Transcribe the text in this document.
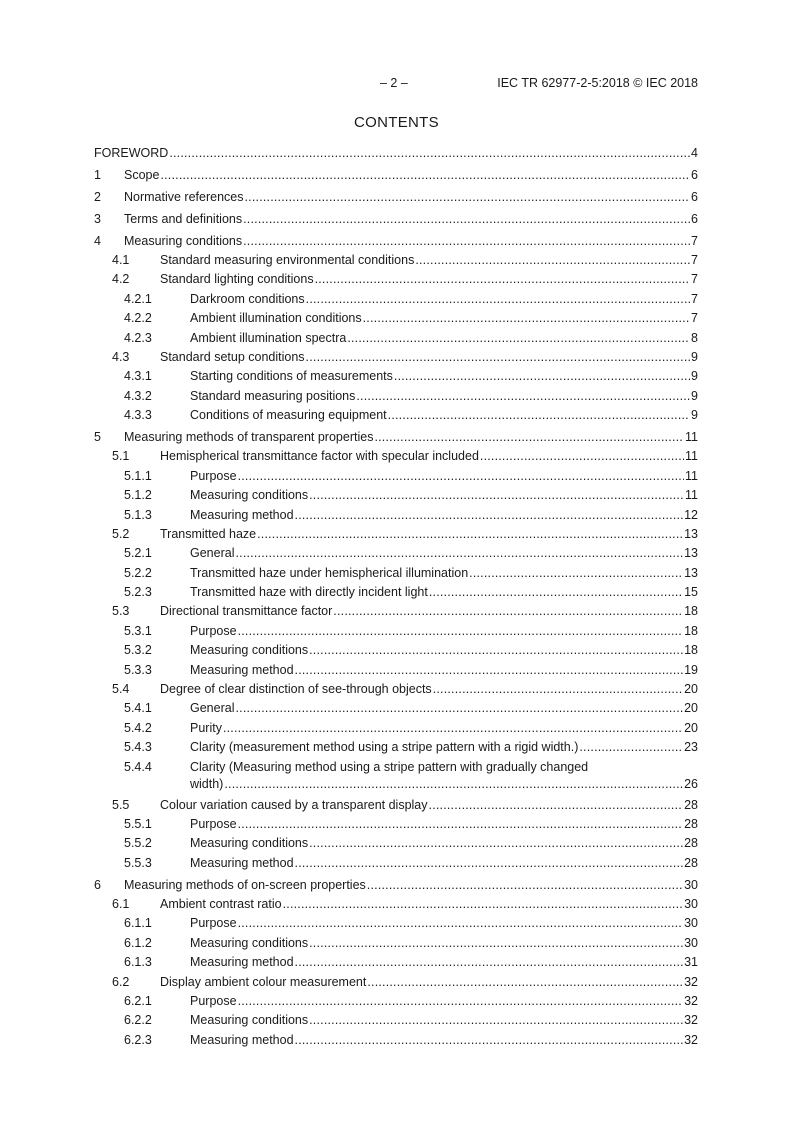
– 2 –	IEC TR 62977-2-5:2018 © IEC 2018
CONTENTS
FOREWORD .....	4
1 Scope .....	6
2 Normative references .....	6
3 Terms and definitions .....	6
4 Measuring conditions .....	7
4.1 Standard measuring environmental conditions .....	7
4.2 Standard lighting conditions .....	7
4.2.1	Darkroom conditions .....	7
4.2.2	Ambient illumination conditions .....	7
4.2.3	Ambient illumination spectra .....	8
4.3 Standard setup conditions .....	9
4.3.1	Starting conditions of measurements .....	9
4.3.2	Standard measuring positions .....	9
4.3.3	Conditions of measuring equipment .....	9
5 Measuring methods of transparent properties .....	11
5.1 Hemispherical transmittance factor with specular included .....	11
5.1.1	Purpose .....	11
5.1.2	Measuring conditions .....	11
5.1.3	Measuring method .....	12
5.2 Transmitted haze .....	13
5.2.1	General .....	13
5.2.2	Transmitted haze under hemispherical illumination .....	13
5.2.3	Transmitted haze with directly incident light .....	15
5.3 Directional transmittance factor .....	18
5.3.1	Purpose .....	18
5.3.2	Measuring conditions .....	18
5.3.3	Measuring method .....	19
5.4 Degree of clear distinction of see-through objects .....	20
5.4.1	General .....	20
5.4.2	Purity .....	20
5.4.3	Clarity (measurement method using a stripe pattern with a rigid width.) .....	23
5.4.4	Clarity (Measuring method using a stripe pattern with gradually changed
width) .....	26
5.5 Colour variation caused by a transparent display .....	28
5.5.1	Purpose .....	28
5.5.2	Measuring conditions .....	28
5.5.3	Measuring method .....	28
6 Measuring methods of on-screen properties .....	30
6.1 Ambient contrast ratio .....	30
6.1.1	Purpose .....	30
6.1.2	Measuring conditions .....	30
6.1.3	Measuring method .....	31
6.2 Display ambient colour measurement .....	32
6.2.1	Purpose .....	32
6.2.2	Measuring conditions .....	32
6.2.3	Measuring method .....	32
